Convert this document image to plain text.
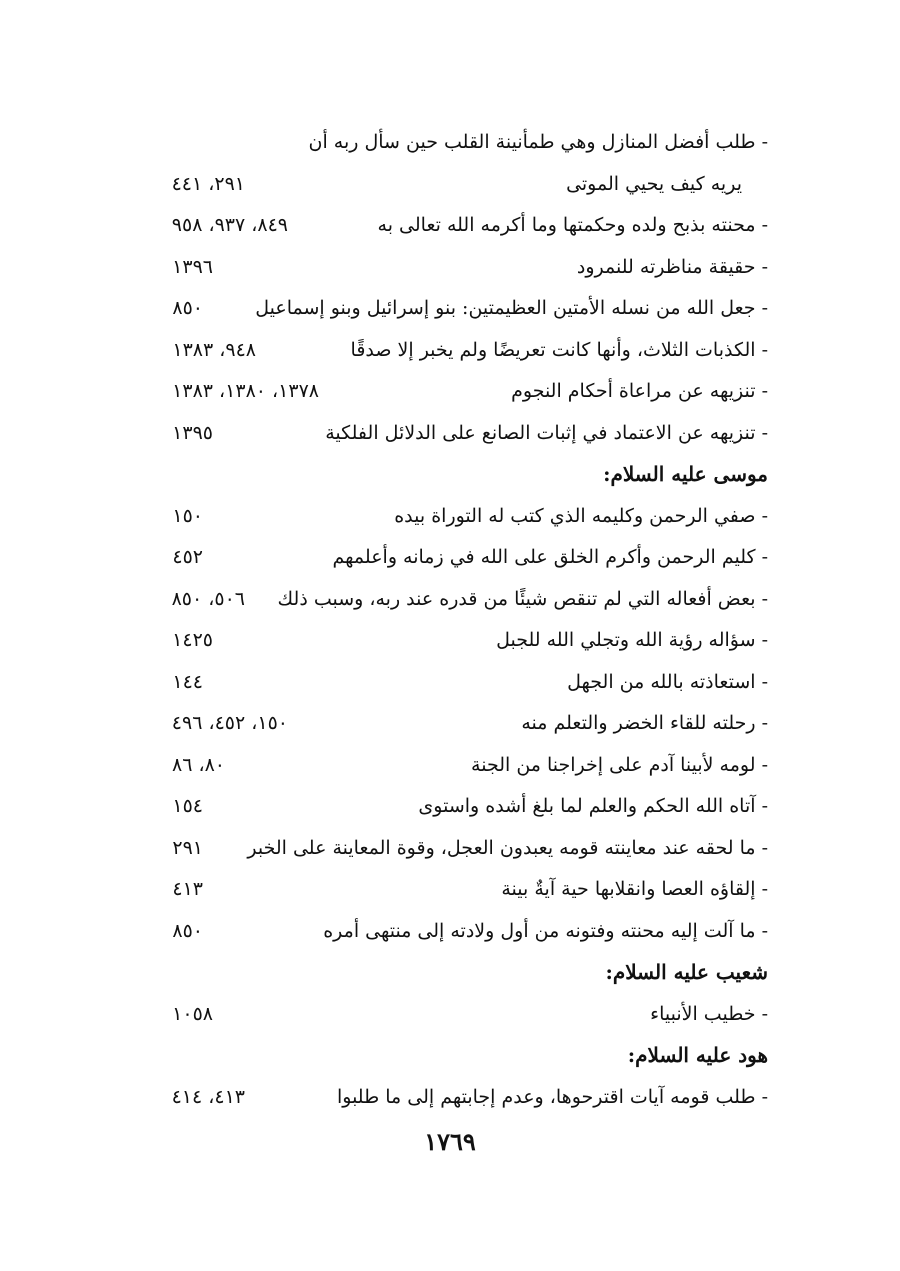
- طلب أفضل المنازل وهي طمأنينة القلب حين سأل ربه أن
يريه كيف يحيي الموتى
٢٩١، ٤٤١
- محنته بذبح ولده وحكمتها وما أكرمه الله تعالى به
٨٤٩، ٩٣٧، ٩٥٨
- حقيقة مناظرته للنمرود
١٣٩٦
- جعل الله من نسله الأمتين العظيمتين: بنو إسرائيل وبنو إسماعيل
٨٥٠
- الكذبات الثلاث، وأنها كانت تعريضًا ولم يخبر إلا صدقًا
٩٤٨، ١٣٨٣
- تنزيهه عن مراعاة أحكام النجوم
١٣٧٨، ١٣٨٠، ١٣٨٣
- تنزيهه عن الاعتماد في إثبات الصانع على الدلائل الفلكية
١٣٩٥
موسى عليه السلام:
- صفي الرحمن وكليمه الذي كتب له التوراة بيده
١٥٠
- كليم الرحمن وأكرم الخلق على الله في زمانه وأعلمهم
٤٥٢
- بعض أفعاله التي لم تنقص شيئًا من قدره عند ربه، وسبب ذلك
٥٠٦، ٨٥٠
- سؤاله رؤية الله وتجلي الله للجبل
١٤٢٥
- استعاذته بالله من الجهل
١٤٤
- رحلته للقاء الخضر والتعلم منه
١٥٠، ٤٥٢، ٤٩٦
- لومه لأبينا آدم على إخراجنا من الجنة
٨٠، ٨٦
- آتاه الله الحكم والعلم لما بلغ أشده واستوى
١٥٤
- ما لحقه عند معاينته قومه يعبدون العجل، وقوة المعاينة على الخبر
٢٩١
- إلقاؤه العصا وانقلابها حية آيةٌ بينة
٤١٣
- ما آلت إليه محنته وفتونه من أول ولادته إلى منتهى أمره
٨٥٠
شعيب عليه السلام:
- خطيب الأنبياء
١٠٥٨
هود عليه السلام:
- طلب قومه آيات اقترحوها، وعدم إجابتهم إلى ما طلبوا
٤١٣، ٤١٤
١٧٦٩
